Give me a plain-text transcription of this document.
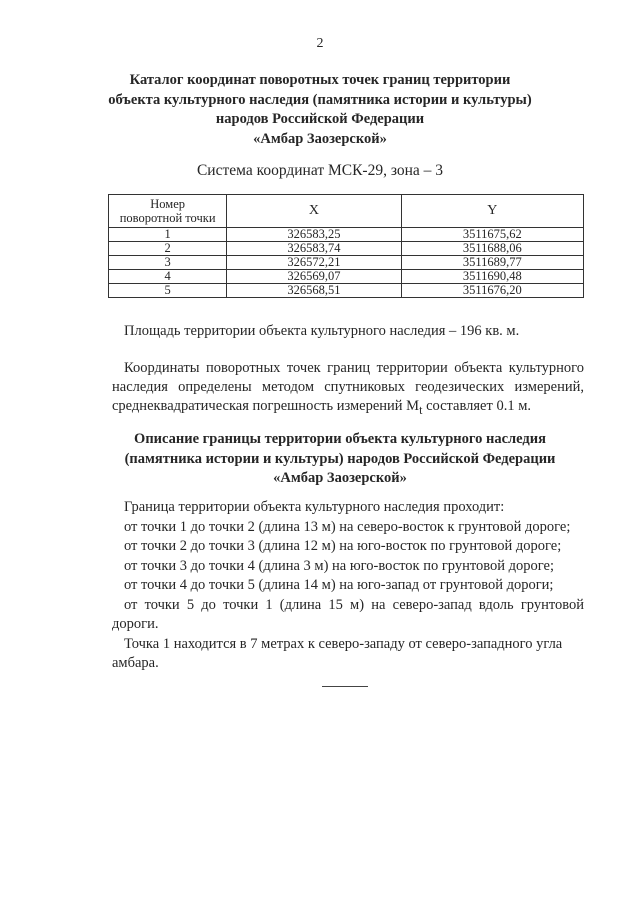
2
Каталог координат поворотных точек границ территории
объекта культурного наследия (памятника истории и культуры)
народов Российской Федерации
«Амбар Заозерской»
Система координат МСК-29, зона – 3
Номер
поворотной точки	X	Y
1	326583,25	3511675,62
2	326583,74	3511688,06
3	326572,21	3511689,77
4	326569,07	3511690,48
5	326568,51	3511676,20
Площадь территории объекта культурного наследия – 196 кв. м.
Координаты поворотных точек границ территории объекта культурного наследия определены методом спутниковых геодезических измерений, среднеквадратическая погрешность измерений $M_t$ составляет 0.1 м.
Описание границы территории объекта культурного наследия
(памятника истории и культуры) народов Российской Федерации
«Амбар Заозерской»
Граница территории объекта культурного наследия проходит:
от точки 1 до точки 2 (длина 13 м) на северо-восток к грунтовой дороге;
от точки 2 до точки 3 (длина 12 м) на юго-восток по грунтовой дороге;
от точки 3 до точки 4 (длина 3 м) на юго-восток по грунтовой дороге;
от точки 4 до точки 5 (длина 14 м) на юго-запад от грунтовой дороги;
от точки 5 до точки 1 (длина 15 м) на северо-запад вдоль грунтовой
дороги.
Точка 1 находится в 7 метрах к северо-западу от северо-западного угла
амбара.
